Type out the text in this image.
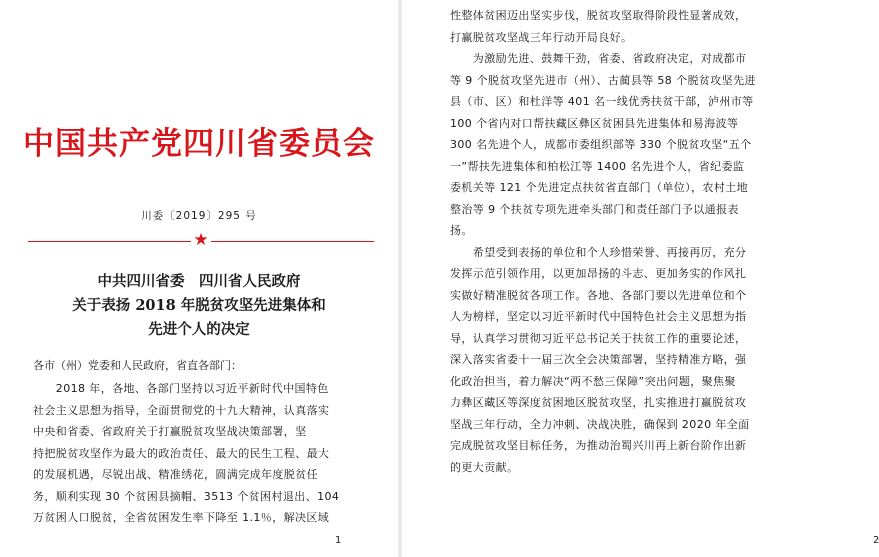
中国共产党四川省委员会
川委〔2019〕295 号
★
中共四川省委　四川省人民政府
关于表扬 2018 年脱贫攻坚先进集体和
先进个人的决定
各市（州）党委和人民政府，省直各部门：
　　2018 年，各地、各部门坚持以习近平新时代中国特色
社会主义思想为指导，全面贯彻党的十九大精神，认真落实
中央和省委、省政府关于打赢脱贫攻坚战决策部署，坚
持把脱贫攻坚作为最大的政治责任、最大的民生工程、最大
的发展机遇，尽锐出战、精准绣花，圆满完成年度脱贫任
务，顺利实现 30 个贫困县摘帽、3513 个贫困村退出、104
万贫困人口脱贫，全省贫困发生率下降至 1.1％，解决区域
1
性整体贫困迈出坚实步伐，脱贫攻坚取得阶段性显著成效，
打赢脱贫攻坚战三年行动开局良好。
　　为激励先进、鼓舞干劲，省委、省政府决定，对成都市
等 9 个脱贫攻坚先进市（州）、古蔺县等 58 个脱贫攻坚先进
县（市、区）和杜洋等 401 名一线优秀扶贫干部，泸州市等
100 个省内对口帮扶藏区彝区贫困县先进集体和易海波等
300 名先进个人，成都市委组织部等 330 个脱贫攻坚“五个
一”帮扶先进集体和柏松江等 1400 名先进个人，省纪委监
委机关等 121 个先进定点扶贫省直部门（单位），农村土地
整治等 9 个扶贫专项先进牵头部门和责任部门予以通报表
扬。
　　希望受到表扬的单位和个人珍惜荣誉、再接再厉，充分
发挥示范引领作用，以更加昂扬的斗志、更加务实的作风扎
实做好精准脱贫各项工作。各地、各部门要以先进单位和个
人为榜样，坚定以习近平新时代中国特色社会主义思想为指
导，认真学习贯彻习近平总书记关于扶贫工作的重要论述，
深入落实省委十一届三次全会决策部署，坚持精准方略，强
化政治担当，着力解决“两不愁三保障”突出问题，聚焦聚
力彝区藏区等深度贫困地区脱贫攻坚，扎实推进打赢脱贫攻
坚战三年行动，全力冲刺、决战决胜，确保到 2020 年全面
完成脱贫攻坚目标任务，为推动治蜀兴川再上新台阶作出新
的更大贡献。
2
